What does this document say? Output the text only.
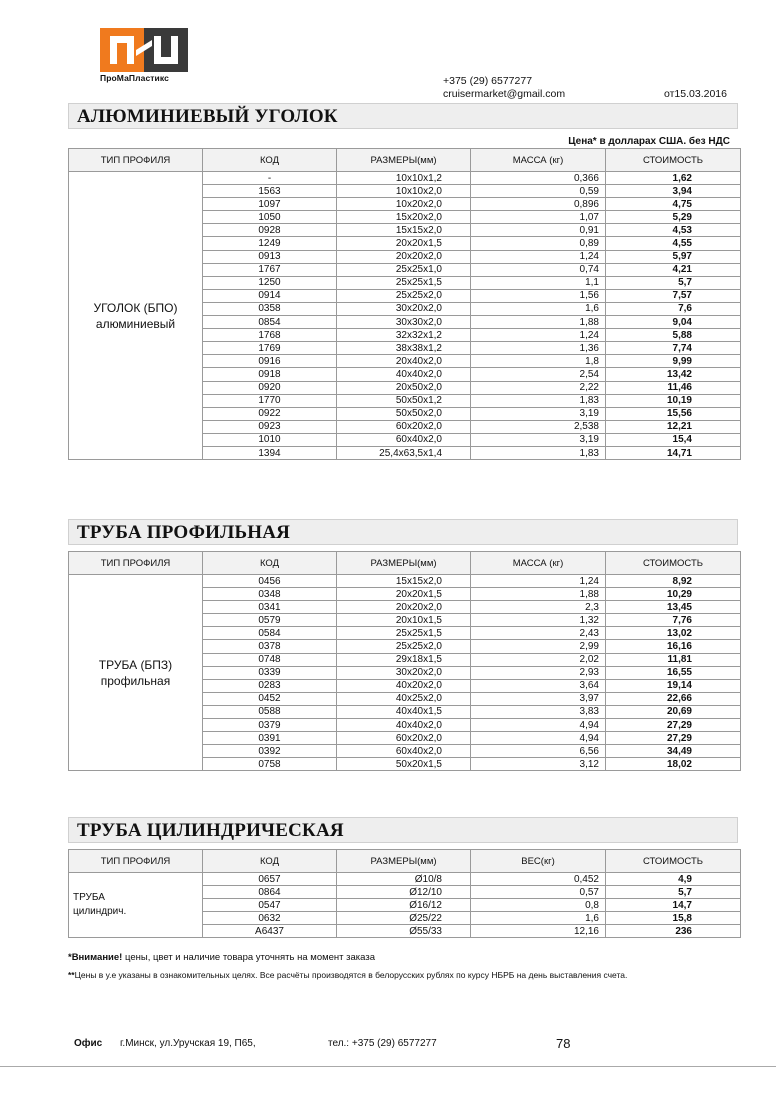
ПроМаПластикс	+375 (29) 6577277
cruisermarket@gmail.com	от15.03.2016
АЛЮМИНИЕВЫЙ УГОЛОК
Цена* в долларах США. без НДС
ТИП ПРОФИЛЯ	КОД	РАЗМЕРЫ(мм)	МАССА (кг)	СТОИМОСТЬ

УГОЛОК (БПО)
алюминиевый	-	10x10x1,2	0,366	1,62
	1563	10x10x2,0	0,59	3,94
	1097	10x20x2,0	0,896	4,75
	1050	15x20x2,0	1,07	5,29
	0928	15x15x2,0	0,91	4,53
	1249	20x20x1,5	0,89	4,55
	0913	20x20x2,0	1,24	5,97
	1767	25x25x1,0	0,74	4,21
	1250	25x25x1,5	1,1	5,7
	0914	25x25x2,0	1,56	7,57
	0358	30x20x2,0	1,6	7,6
	0854	30x30x2,0	1,88	9,04
	1768	32x32x1,2	1,24	5,88
	1769	38x38x1,2	1,36	7,74
	0916	20x40x2,0	1,8	9,99
	0918	40x40x2,0	2,54	13,42
	0920	20x50x2,0	2,22	11,46
	1770	50x50x1,2	1,83	10,19
	0922	50x50x2,0	3,19	15,56
	0923	60x20x2,0	2,538	12,21
	1010	60x40x2,0	3,19	15,4
	1394	25,4x63,5x1,4	1,83	14,71
ТРУБА ПРОФИЛЬНАЯ
ТИП ПРОФИЛЯ	КОД	РАЗМЕРЫ(мм)	МАССА (кг)	СТОИМОСТЬ

ТРУБА (БПЗ)
профильная	0456	15x15x2,0	1,24	8,92
	0348	20x20x1,5	1,88	10,29
	0341	20x20x2,0	2,3	13,45
	0579	20x10x1,5	1,32	7,76
	0584	25x25x1,5	2,43	13,02
	0378	25x25x2,0	2,99	16,16
	0748	29x18x1,5	2,02	11,81
	0339	30x20x2,0	2,93	16,55
	0283	40x20x2,0	3,64	19,14
	0452	40x25x2,0	3,97	22,66
	0588	40x40x1,5	3,83	20,69
	0379	40x40x2,0	4,94	27,29
	0391	60x20x2,0	4,94	27,29
	0392	60x40x2,0	6,56	34,49
	0758	50x20x1,5	3,12	18,02
ТРУБА ЦИЛИНДРИЧЕСКАЯ
ТИП ПРОФИЛЯ	КОД	РАЗМЕРЫ(мм)	ВЕС(кг)	СТОИМОСТЬ

ТРУБА
цилиндрич.	0657	Ø10/8	0,452	4,9
	0864	Ø12/10	0,57	5,7
	0547	Ø16/12	0,8	14,7
	0632	Ø25/22	1,6	15,8
	A6437	Ø55/33	12,16	236
*Внимание! цены, цвет и наличие товара уточнять на момент заказа
**Цены в у.е указаны в ознакомительных целях. Все расчёты производятся в белорусских рублях по курсу НБРБ на день выставления счета.
Офис г.Минск, ул.Уручская 19, П65,	тел.: +375 (29) 6577277	78
